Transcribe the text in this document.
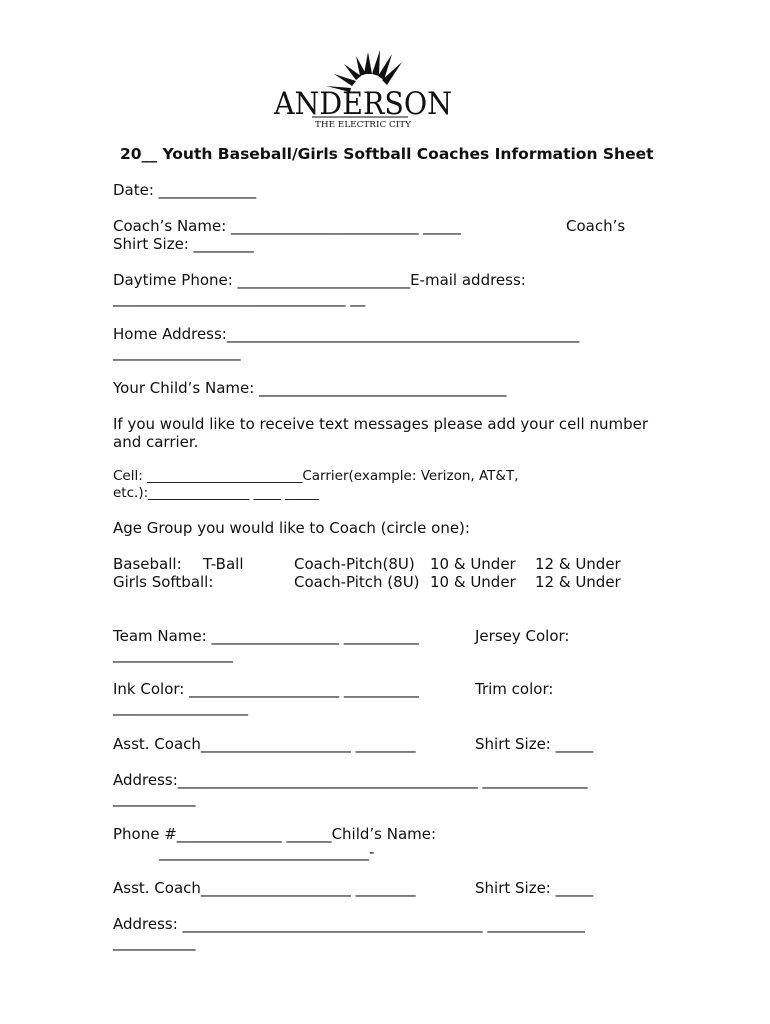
ANDERSON
THE ELECTRIC CITY
20__ Youth Baseball/Girls Softball Coaches Information Sheet
Date: _____________
Coach’s Name: _________________________ _____	Coach’s
Shirt Size: ________
Daytime Phone: _______________________E-mail address:
_______________________________ __
Home Address:_______________________________________________
_________________
Your Child’s Name: _________________________________
If you would like to receive text messages please add your cell number
and carrier.
Cell: _______________________Carrier(example: Verizon, AT&T,
etc.):_______________ ____ _____
Age Group you would like to Coach (circle one):
Baseball: T-Ball	Coach-Pitch(8U) 10 & Under 12 & Under
Girls Softball:	Coach-Pitch (8U) 10 & Under 12 & Under
Team Name: _________________ __________	Jersey Color:
________________
Ink Color: ____________________ __________	Trim color:
__________________
Asst. Coach____________________ ________	Shirt Size: _____
Address:________________________________________ ______________
___________
Phone #______________ ______Child’s Name:
____________________________-
Asst. Coach____________________ ________	Shirt Size: _____
Address: ________________________________________ _____________
___________
